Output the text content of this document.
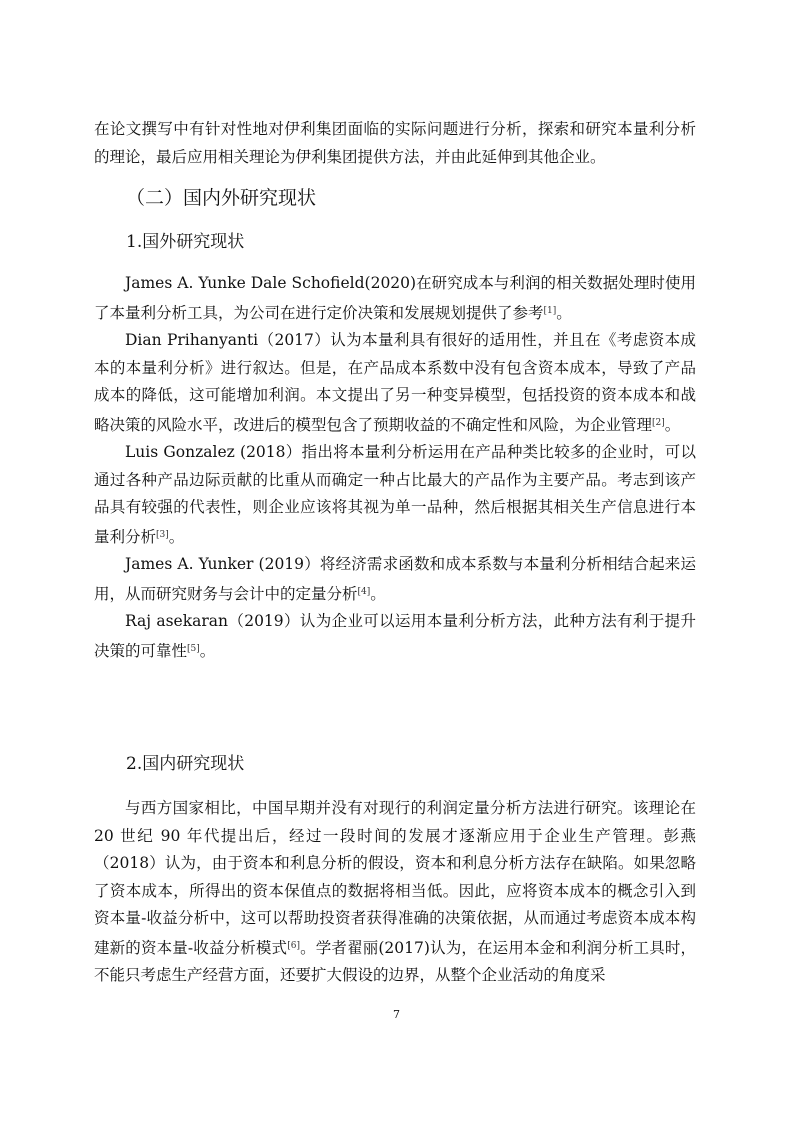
在论文撰写中有针对性地对伊利集团面临的实际问题进行分析，探索和研究本量利分析的理论，最后应用相关理论为伊利集团提供方法，并由此延伸到其他企业。

（二）国内外研究现状
1.国外研究现状

James A. Yunke Dale Schofield(2020)在研究成本与利润的相关数据处理时使用了本量利分析工具，为公司在进行定价决策和发展规划提供了参考[1]。

Dian Prihanyanti（2017）认为本量利具有很好的适用性，并且在《考虑资本成本的本量利分析》进行叙达。但是，在产品成本系数中没有包含资本成本，导致了产品成本的降低，这可能增加利润。本文提出了另一种变异模型，包括投资的资本成本和战略决策的风险水平，改进后的模型包含了预期收益的不确定性和风险，为企业管理[2]。

Luis Gonzalez (2018）指出将本量利分析运用在产品种类比较多的企业时，可以通过各种产品边际贡献的比重从而确定一种占比最大的产品作为主要产品。考志到该产品具有较强的代表性，则企业应该将其视为单一品种，然后根据其相关生产信息进行本量利分析[3]。

James A. Yunker (2019）将经济需求函数和成本系数与本量利分析相结合起来运用，从而研究财务与会计中的定量分析[4]。

Raj asekaran（2019）认为企业可以运用本量利分析方法，此种方法有利于提升决策的可靠性[5]。

2.国内研究现状

与西方国家相比，中国早期并没有对现行的利润定量分析方法进行研究。该理论在 20 世纪 90 年代提出后，经过一段时间的发展才逐渐应用于企业生产管理。彭燕（2018）认为，由于资本和利息分析的假设，资本和利息分析方法存在缺陷。如果忽略了资本成本，所得出的资本保值点的数据将相当低。因此，应将资本成本的概念引入到资本量-收益分析中，这可以帮助投资者获得准确的决策依据，从而通过考虑资本成本构建新的资本量-收益分析模式[6]。学者翟丽(2017)认为，在运用本金和利润分析工具时，不能只考虑生产经营方面，还要扩大假设的边界，从整个企业活动的角度采

7
